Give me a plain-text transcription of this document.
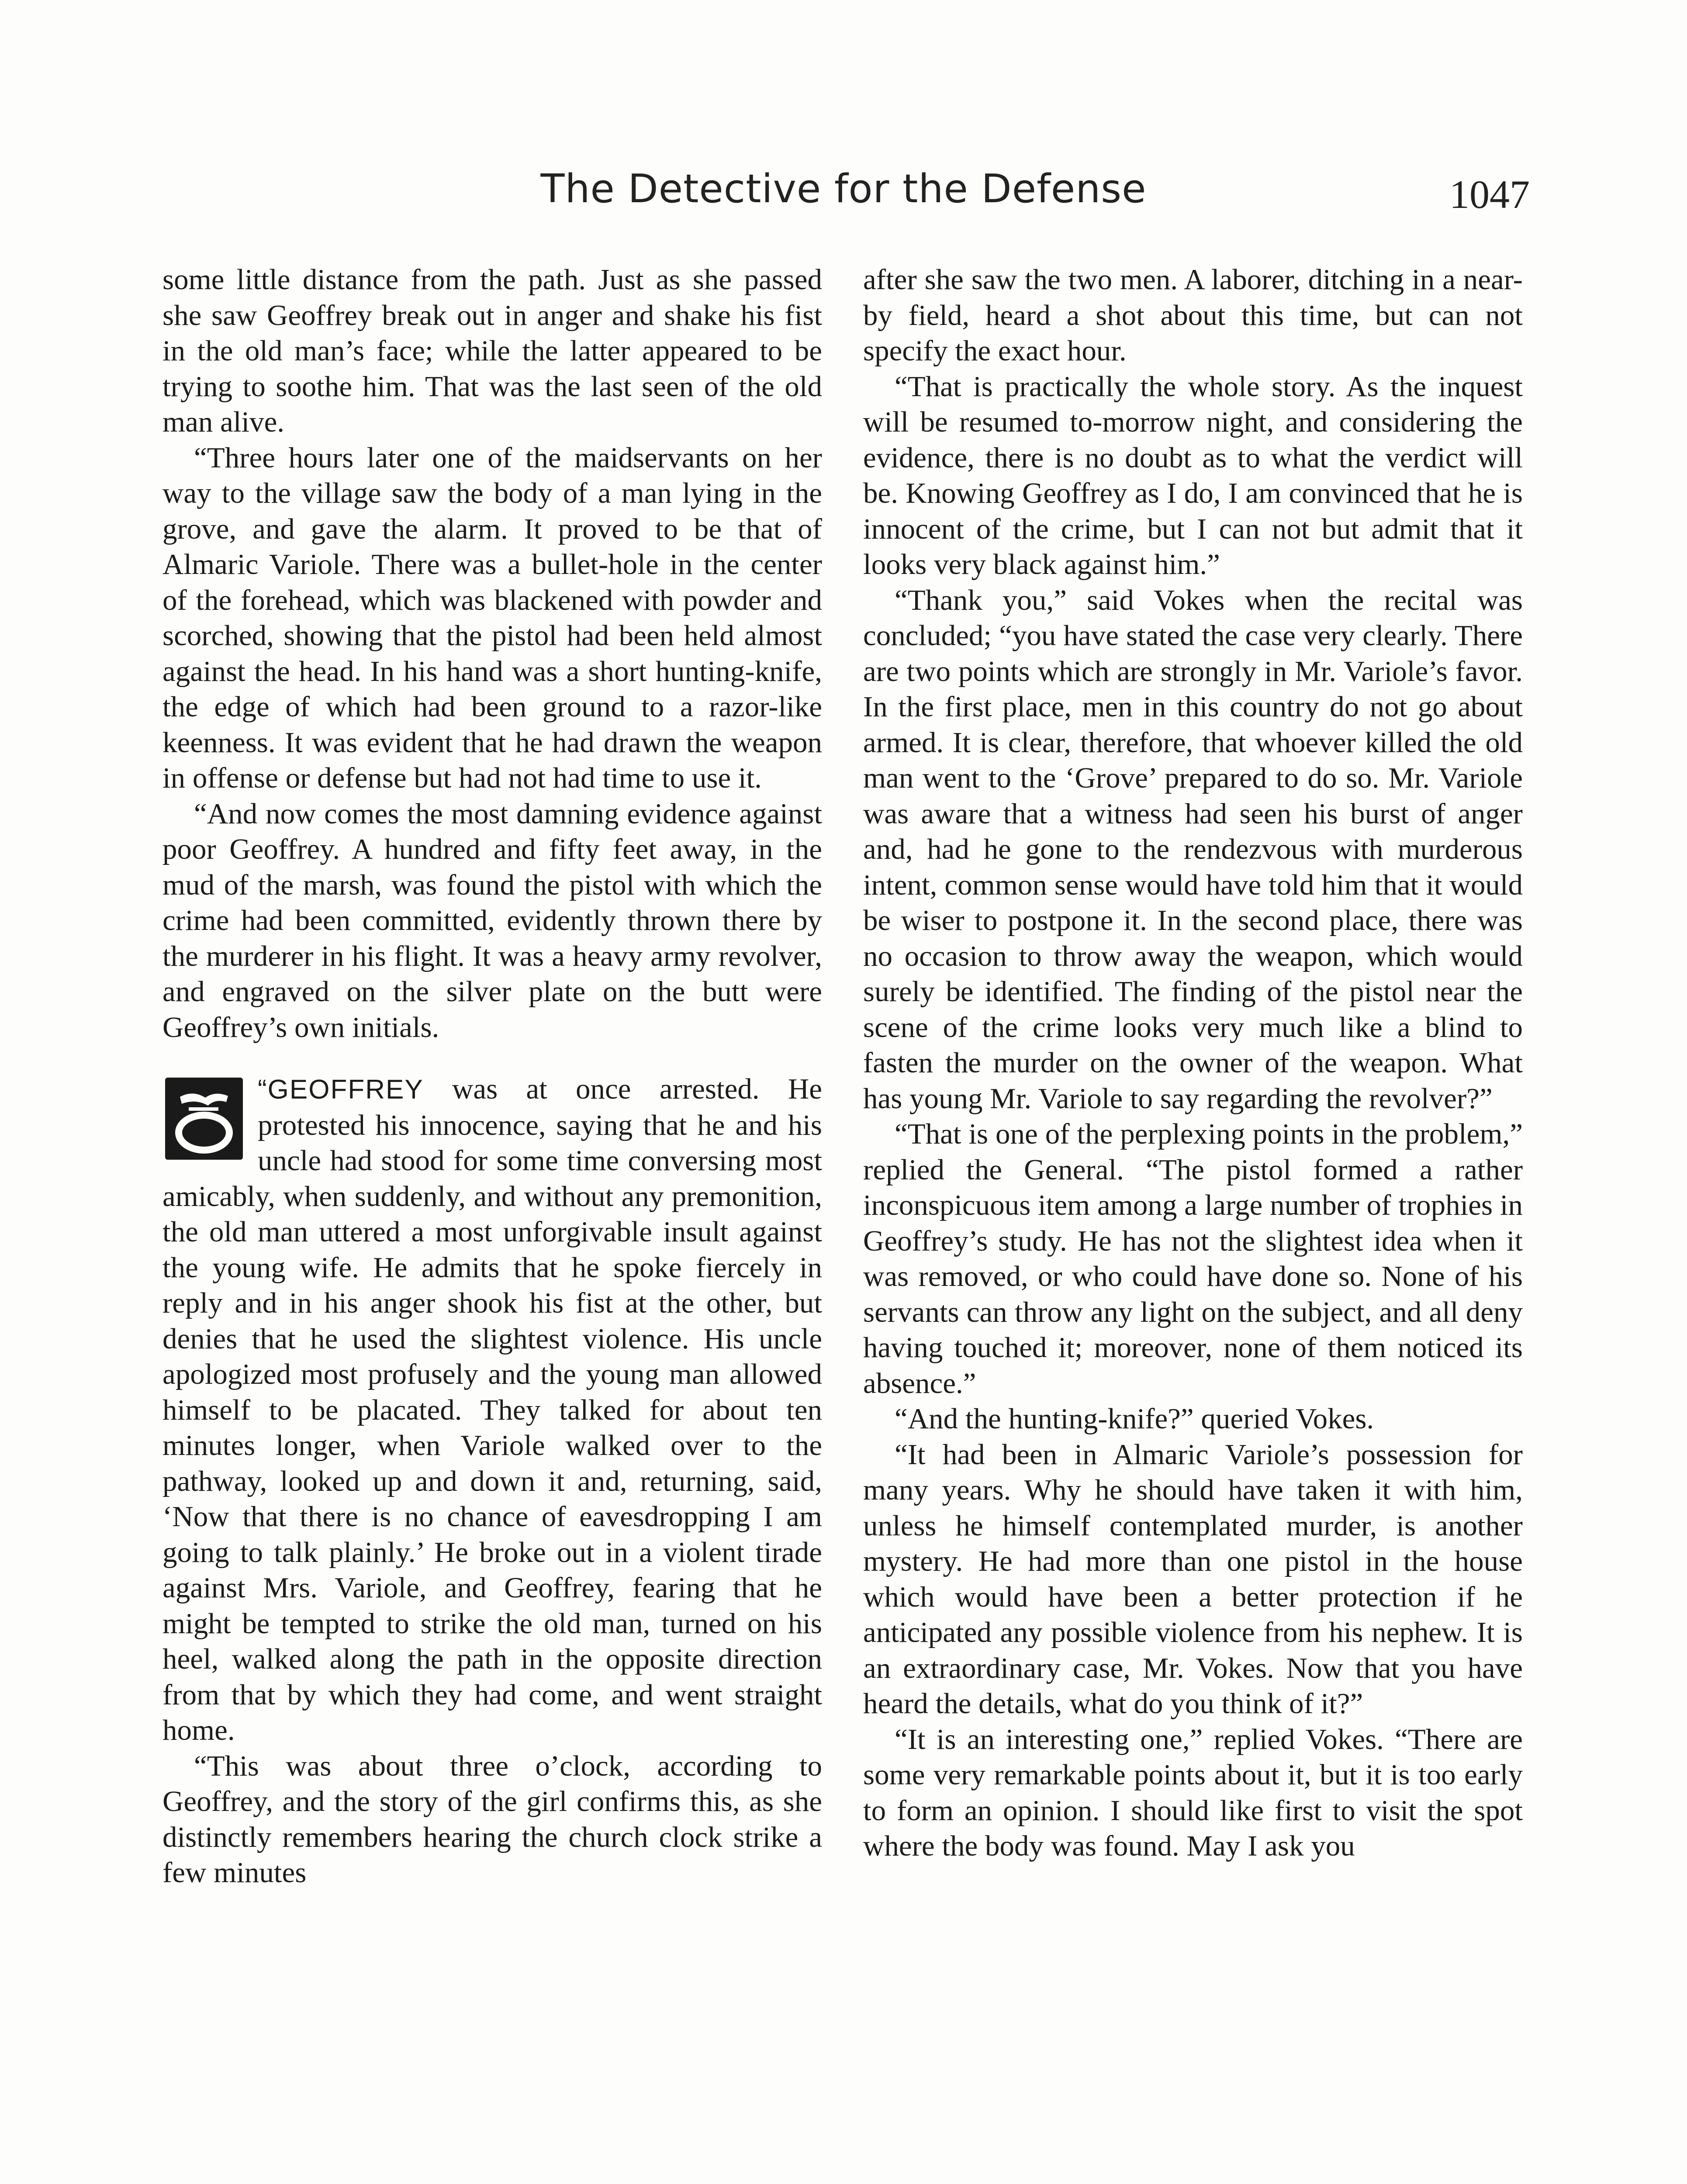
The Detective for the Defense	1047

some little distance from the path. Just as she passed she saw Geoffrey break out in anger and shake his fist in the old man’s face; while the latter appeared to be trying to soothe him. That was the last seen of the old man alive.

“Three hours later one of the maidservants on her way to the village saw the body of a man lying in the grove, and gave the alarm. It proved to be that of Almaric Variole. There was a bullet-hole in the center of the forehead, which was blackened with powder and scorched, showing that the pistol had been held almost against the head. In his hand was a short hunting-knife, the edge of which had been ground to a razor-like keenness. It was evident that he had drawn the weapon in offense or defense but had not had time to use it.

“And now comes the most damning evidence against poor Geoffrey. A hundred and fifty feet away, in the mud of the marsh, was found the pistol with which the crime had been committed, evidently thrown there by the murderer in his flight. It was a heavy army revolver, and engraved on the silver plate on the butt were Geoffrey’s own initials.

“GEOFFREY was at once arrested. He protested his innocence, saying that he and his uncle had stood for some time conversing most amicably, when suddenly, and without any premonition, the old man uttered a most unforgivable insult against the young wife. He admits that he spoke fiercely in reply and in his anger shook his fist at the other, but denies that he used the slightest violence. His uncle apologized most profusely and the young man allowed himself to be placated. They talked for about ten minutes longer, when Variole walked over to the pathway, looked up and down it and, returning, said, ‘Now that there is no chance of eavesdropping I am going to talk plainly.’ He broke out in a violent tirade against Mrs. Variole, and Geoffrey, fearing that he might be tempted to strike the old man, turned on his heel, walked along the path in the opposite direction from that by which they had come, and went straight home.

“This was about three o’clock, according to Geoffrey, and the story of the girl confirms this, as she distinctly remembers hearing the church clock strike a few minutes

after she saw the two men. A laborer, ditching in a near-by field, heard a shot about this time, but can not specify the exact hour.

“That is practically the whole story. As the inquest will be resumed to-morrow night, and considering the evidence, there is no doubt as to what the verdict will be. Knowing Geoffrey as I do, I am convinced that he is innocent of the crime, but I can not but admit that it looks very black against him.”

“Thank you,” said Vokes when the recital was concluded; “you have stated the case very clearly. There are two points which are strongly in Mr. Variole’s favor. In the first place, men in this country do not go about armed. It is clear, therefore, that whoever killed the old man went to the ‘Grove’ prepared to do so. Mr. Variole was aware that a witness had seen his burst of anger and, had he gone to the rendezvous with murderous intent, common sense would have told him that it would be wiser to postpone it. In the second place, there was no occasion to throw away the weapon, which would surely be identified. The finding of the pistol near the scene of the crime looks very much like a blind to fasten the murder on the owner of the weapon. What has young Mr. Variole to say regarding the revolver?”

“That is one of the perplexing points in the problem,” replied the General. “The pistol formed a rather inconspicuous item among a large number of trophies in Geoffrey’s study. He has not the slightest idea when it was removed, or who could have done so. None of his servants can throw any light on the subject, and all deny having touched it; moreover, none of them noticed its absence.”

“And the hunting-knife?” queried Vokes.

“It had been in Almaric Variole’s possession for many years. Why he should have taken it with him, unless he himself contemplated murder, is another mystery. He had more than one pistol in the house which would have been a better protection if he anticipated any possible violence from his nephew. It is an extraordinary case, Mr. Vokes. Now that you have heard the details, what do you think of it?”

“It is an interesting one,” replied Vokes. “There are some very remarkable points about it, but it is too early to form an opinion. I should like first to visit the spot where the body was found. May I ask you
